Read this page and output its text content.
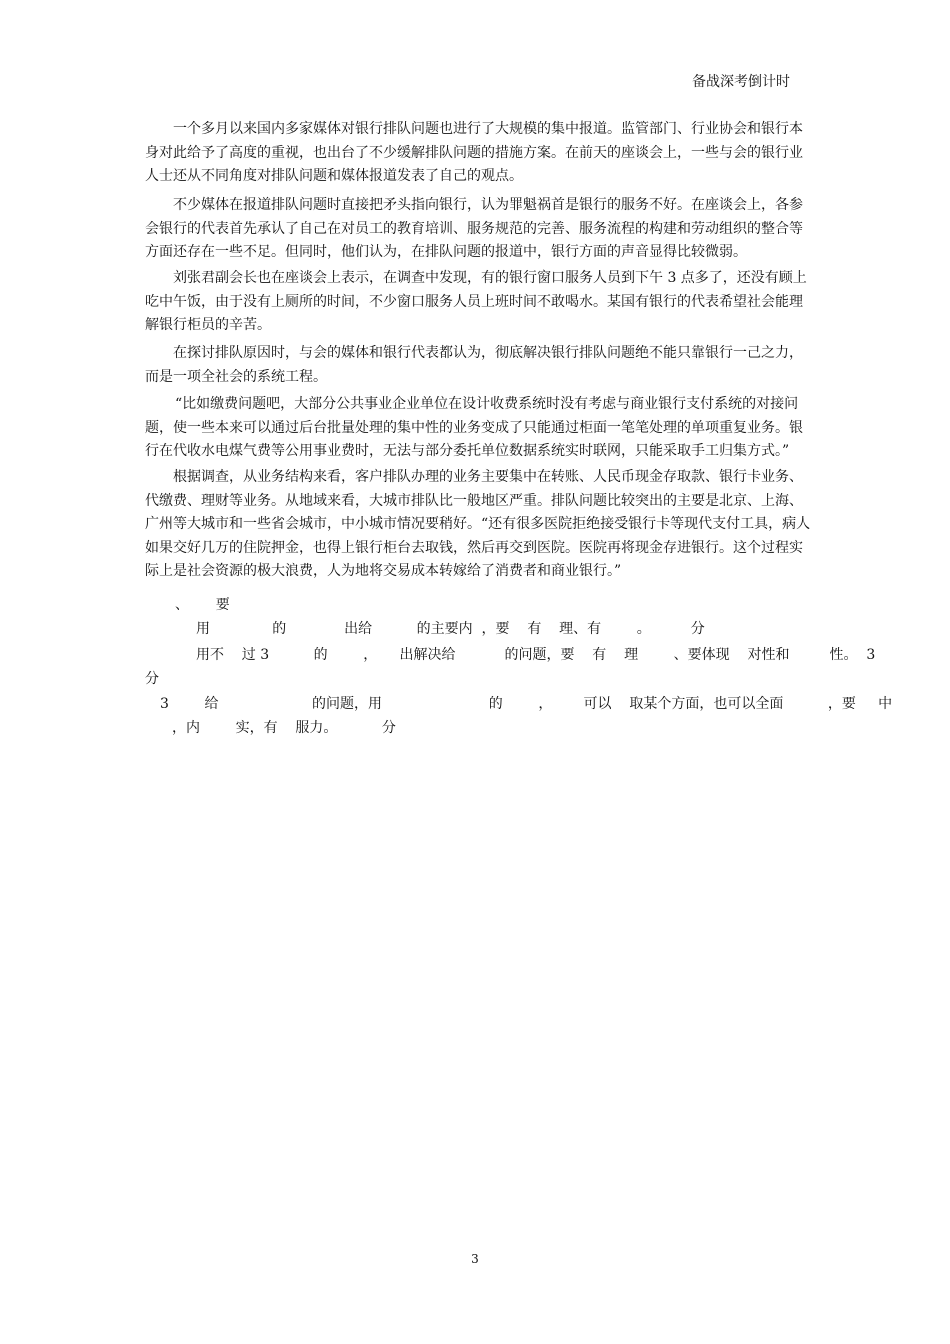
备战深考倒计时

一个多月以来国内多家媒体对银行排队问题也进行了大规模的集中报道。监管部门、行业协会和银行本身对此给予了高度的重视，也出台了不少缓解排队问题的措施方案。在前天的座谈会上，一些与会的银行业人士还从不同角度对排队问题和媒体报道发表了自己的观点。

不少媒体在报道排队问题时直接把矛头指向银行，认为罪魁祸首是银行的服务不好。在座谈会上，各参会银行的代表首先承认了自己在对员工的教育培训、服务规范的完善、服务流程的构建和劳动组织的整合等方面还存在一些不足。但同时，他们认为，在排队问题的报道中，银行方面的声音显得比较微弱。

刘张君副会长也在座谈会上表示，在调查中发现，有的银行窗口服务人员到下午 3 点多了，还没有顾上吃中午饭，由于没有上厕所的时间，不少窗口服务人员上班时间不敢喝水。某国有银行的代表希望社会能理解银行柜员的辛苦。

在探讨排队原因时，与会的媒体和银行代表都认为，彻底解决银行排队问题绝不能只靠银行一己之力，而是一项全社会的系统工程。

“比如缴费问题吧，大部分公共事业企业单位在设计收费系统时没有考虑与商业银行支付系统的对接问题，使一些本来可以通过后台批量处理的集中性的业务变成了只能通过柜面一笔笔处理的单项重复业务。银行在代收水电煤气费等公用事业费时，无法与部分委托单位数据系统实时联网，只能采取手工归集方式。”

根据调查，从业务结构来看，客户排队办理的业务主要集中在转账、人民币现金存取款、银行卡业务、代缴费、理财等业务。从地域来看，大城市排队比一般地区严重。排队问题比较突出的主要是北京、上海、广州等大城市和一些省会城市，中小城市情况要稍好。“还有很多医院拒绝接受银行卡等现代支付工具，病人如果交好几万的住院押金，也得上银行柜台去取钱，然后再交到医院。医院再将现金存进银行。这个过程实际上是社会资源的极大浪费，人为地将交易成本转嫁给了消费者和商业银行。”

、      要
用              的             出给          的主要内  ，要    有    理、有        。         分
用不    过 3          的        ，     出解决给           的问题，要    有    理        、要体现    对性和         性。  3
分
3        给                     的问题，用                        的        ，       可以    取某个方面，也可以全面          ，要     中
，内        实，有    服力。          分
3
